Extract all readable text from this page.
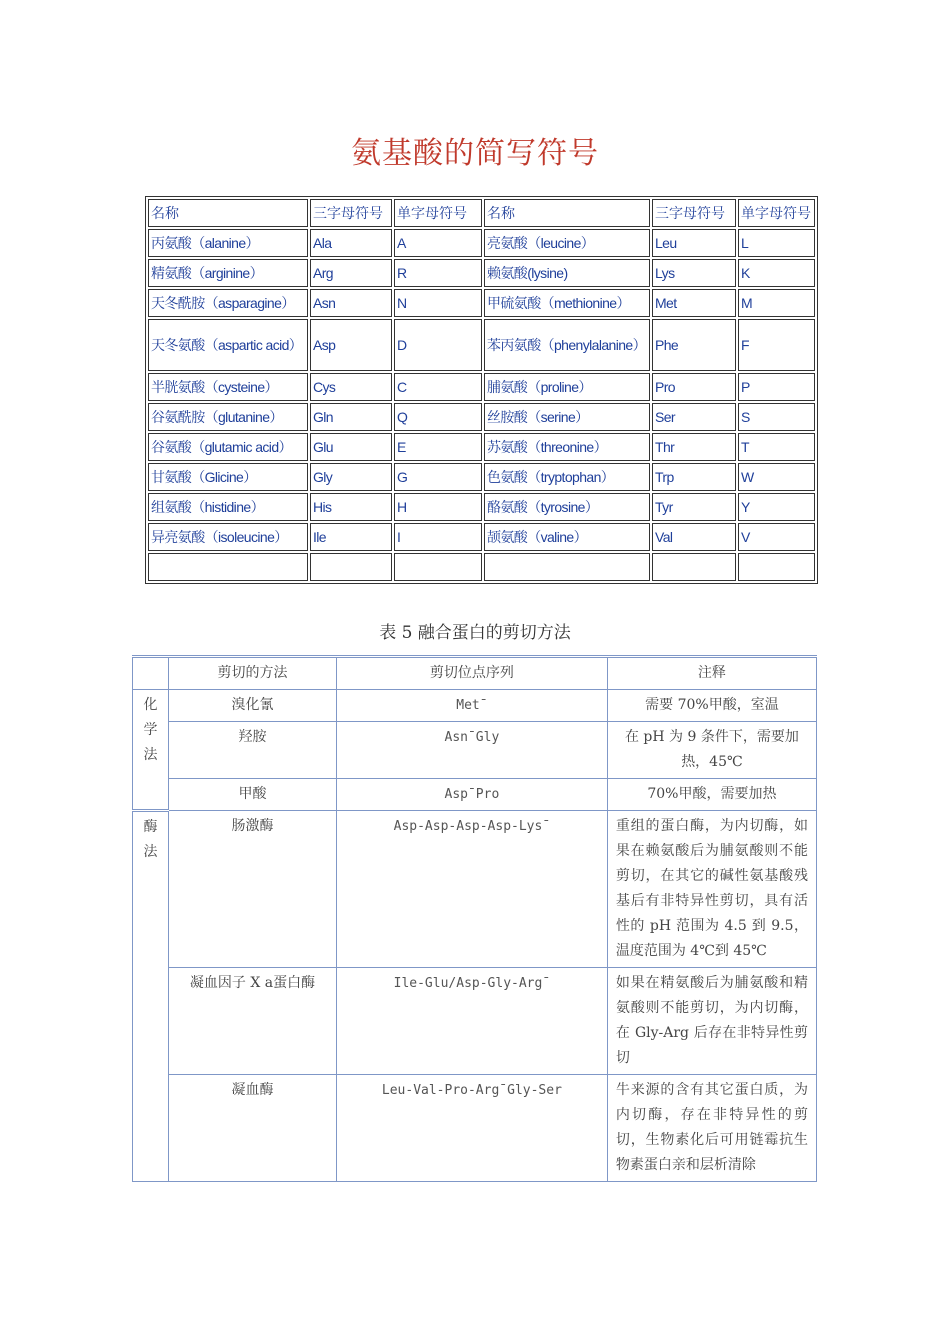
氨基酸的简写符号
名称	三字母符号	单字母符号	名称	三字母符号	单字母符号
丙氨酸（alanine）	Ala	A	亮氨酸（leucine）	Leu	L
精氨酸（arginine）	Arg	R	赖氨酸(lysine)	Lys	K
天冬酰胺（asparagine）	Asn	N	甲硫氨酸（methionine）	Met	M
天冬氨酸（aspartic acid）	Asp	D	苯丙氨酸（phenylalanine）	Phe	F
半胱氨酸（cysteine）	Cys	C	脯氨酸（proline）	Pro	P
谷氨酰胺（glutanine）	Gln	Q	丝胺酸（serine）	Ser	S
谷氨酸（glutamic acid）	Glu	E	苏氨酸（threonine）	Thr	T
甘氨酸（Glicine）	Gly	G	色氨酸（tryptophan）	Trp	W
组氨酸（histidine）	His	H	酪氨酸（tyrosine）	Tyr	Y
异亮氨酸（isoleucine）	Ile	I	颉氨酸（valine）	Val	V

表 5 融合蛋白的剪切方法
	剪切的方法	剪切位点序列	注释
化学法	溴化氰	Met¯	需要 70%甲酸，室温
	羟胺	Asn¯Gly	在 pH 为 9 条件下，需要加热，45℃
	甲酸	Asp¯Pro	70%甲酸，需要加热
酶法	肠激酶	Asp-Asp-Asp-Asp-Lys¯	重组的蛋白酶，为内切酶，如果在赖氨酸后为脯氨酸则不能剪切，在其它的碱性氨基酸残基后有非特异性剪切，具有活性的 pH 范围为 4.5 到 9.5，温度范围为 4℃到 45℃
	凝血因子 X a蛋白酶	Ile-Glu/Asp-Gly-Arg¯	如果在精氨酸后为脯氨酸和精氨酸则不能剪切，为内切酶，在 Gly-Arg 后存在非特异性剪切
	凝血酶	Leu-Val-Pro-Arg¯Gly-Ser	牛来源的含有其它蛋白质，为内切酶，存在非特异性的剪切，生物素化后可用链霉抗生物素蛋白亲和层析清除
